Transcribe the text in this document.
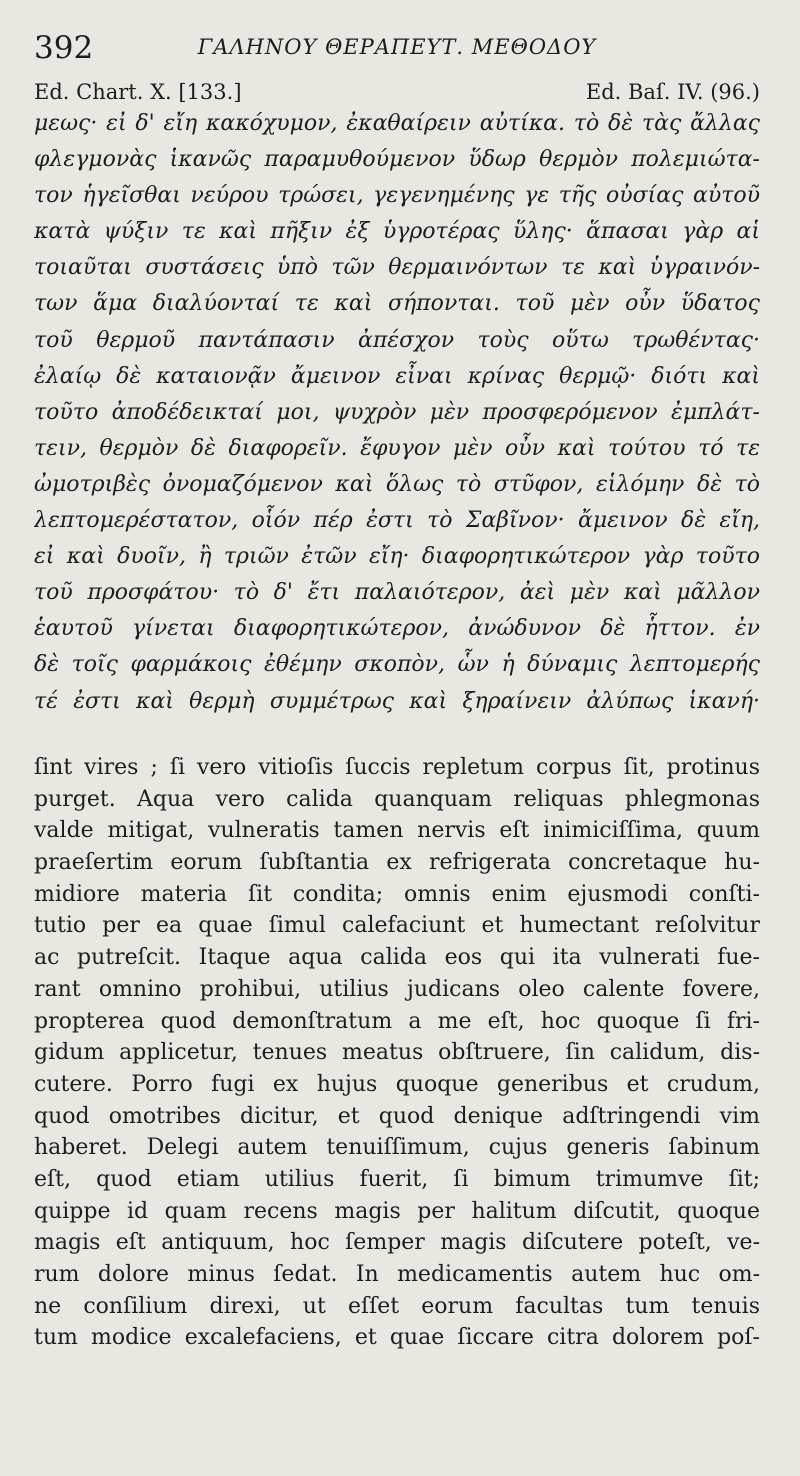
392	ΓΑΛΗΝΟΥ ΘΕΡΑΠΕΥΤ. ΜΕΘΟΔΟΥ
Ed. Chart. X. [133.]	Ed. Baſ. IV. (96.)
μεως· εἰ δ' εἴη κακόχυμον, ἐκαθαίρειν αὐτίκα. τὸ δὲ τὰς ἄλλας
φλεγμονὰς ἱκανῶς παραμυθούμενον ὕδωρ θερμὸν πολεμιώτα-
τον ἡγεῖσθαι νεύρου τρώσει, γεγενημένης γε τῆς οὐσίας αὐτοῦ
κατὰ ψύξιν τε καὶ πῆξιν ἐξ ὑγροτέρας ὕλης· ἅπασαι γὰρ αἱ
τοιαῦται συστάσεις ὑπὸ τῶν θερμαινόντων τε καὶ ὑγραινόν-
των ἅμα διαλύονταί τε καὶ σήπονται. τοῦ μὲν οὖν ὕδατος
τοῦ θερμοῦ παντάπασιν ἀπέσχον τοὺς οὕτω τρωθέντας·
ἐλαίῳ δὲ καταιονᾷν ἄμεινον εἶναι κρίνας θερμῷ· διότι καὶ
τοῦτο ἀποδέδεικταί μοι, ψυχρὸν μὲν προσφερόμενον ἐμπλάτ-
τειν, θερμὸν δὲ διαφορεῖν. ἔφυγον μὲν οὖν καὶ τούτου τό τε
ὠμοτριβὲς ὀνομαζόμενον καὶ ὅλως τὸ στῦφον, εἱλόμην δὲ τὸ
λεπτομερέστατον, οἷόν πέρ ἐστι τὸ Σαβῖνον· ἄμεινον δὲ εἴη,
εἰ καὶ δυοῖν, ἢ τριῶν ἐτῶν εἴη· διαφορητικώτερον γὰρ τοῦτο
τοῦ προσφάτου· τὸ δ' ἔτι παλαιότερον, ἀεὶ μὲν καὶ μᾶλλον
ἑαυτοῦ γίνεται διαφορητικώτερον, ἀνώδυνον δὲ ἧττον. ἐν
δὲ τοῖς φαρμάκοις ἐθέμην σκοπὸν, ὧν ἡ δύναμις λεπτομερής
τέ ἐστι καὶ θερμὴ συμμέτρως καὶ ξηραίνειν ἀλύπως ἱκανή·
ſint vires ; ſi vero vitioſis ſuccis repletum corpus ſit, protinus
purget. Aqua vero calida quanquam reliquas phlegmonas
valde mitigat, vulneratis tamen nervis eſt inimiciſſima, quum
praeſertim eorum ſubſtantia ex refrigerata concretaque hu-
midiore materia ſit condita; omnis enim ejusmodi conſti-
tutio per ea quae ſimul calefaciunt et humectant reſolvitur
ac putreſcit. Itaque aqua calida eos qui ita vulnerati fue-
rant omnino prohibui, utilius judicans oleo calente fovere,
propterea quod demonſtratum a me eſt, hoc quoque ſi fri-
gidum applicetur, tenues meatus obſtruere, ſin calidum, dis-
cutere. Porro fugi ex hujus quoque generibus et crudum,
quod omotribes dicitur, et quod denique adſtringendi vim
haberet. Delegi autem tenuiſſimum, cujus generis ſabinum
eſt, quod etiam utilius fuerit, ſi bimum trimumve ſit;
quippe id quam recens magis per halitum diſcutit, quoque
magis eſt antiquum, hoc ſemper magis diſcutere poteſt, ve-
rum dolore minus ſedat. In medicamentis autem huc om-
ne conſilium direxi, ut eſſet eorum facultas tum tenuis
tum modice excalefaciens, et quae ſiccare citra dolorem poſ-
